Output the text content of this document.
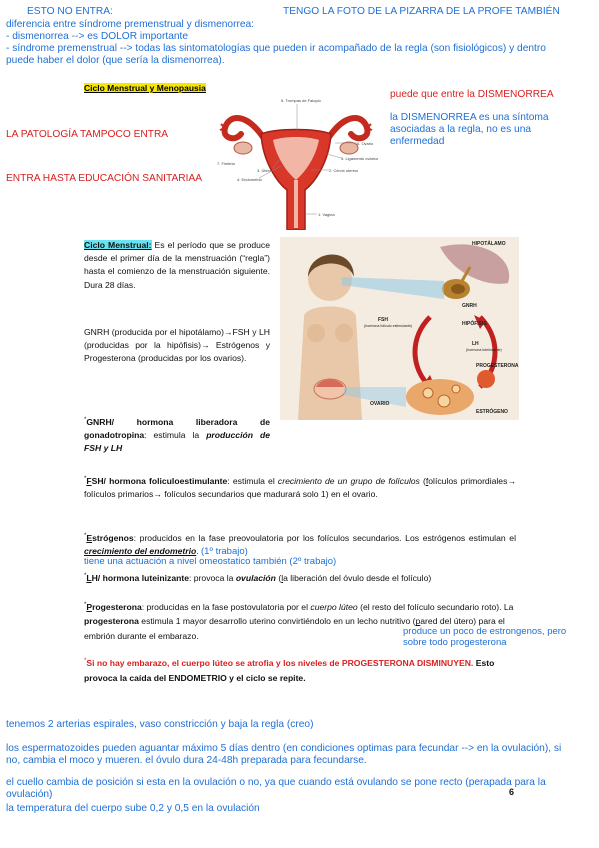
ESTO NO ENTRA:	TENGO LA FOTO DE LA PIZARRA DE LA PROFE TAMBIÉN
diferencia entre síndrome premenstrual y dismenorrea:
- dismenorrea --> es DOLOR importante
- síndrome premenstrual --> todas las sintomatologías que pueden ir acompañado de la regla (son fisiológicos) y dentro
puede haber el dolor (que sería la dismenorrea).
Ciclo Menstrual y Menopausia
puede que entre la DISMENORREA
la DISMENORREA es una síntoma
asociadas a la regla, no es una
enfermedad
LA PATOLOGÍA TAMPOCO ENTRA
ENTRA HASTA EDUCACIÓN SANITARIAA
5. Trompas de Falopio
6. Ovario
5. Ligamento ovárico
2. Cérvix uterino
7. Fimbria
3. Útero
4. Endometrio
1. Vagina
HIPOTÁLAMO
GNRH
HIPÓFISIS
FSH
(hormona foliculo estimulante)
LH
(hormona luteinizante)
PROGESTERONA
OVARIO
ESTRÓGENO
Ciclo Menstrual: Es el período que se produce desde el primer día de la menstruación (“regla”) hasta el comienzo de la menstruación siguiente. Dura 28 días.
GNRH (producida por el hipotálamo)→FSH y LH (producidas por la hipófisis)→ Estrógenos y Progesterona (producidas por los ovarios).
*GNRH/ hormona liberadora de gonadotropina: estimula la producción de FSH y LH
*FSH/ hormona foliculoestimulante: estimula el crecimiento de un grupo de folículos (folículos primordiales→ folículos primarios→ folículos secundarios que madurará solo 1) en el ovario.
*Estrógenos: producidos en la fase preovoulatoria por los folículos secundarios. Los estrógenos estimulan el crecimiento del endometrio. (1º trabajo)
tiene una actuación a nivel omeostatico también (2º trabajo)
*LH/ hormona luteinizante: provoca la ovulación (la liberación del óvulo desde el folículo)
*Progesterona: producidas en la fase postovulatoria por el cuerpo lúteo (el resto del folículo secundario roto). La progesterona estimula 1 mayor desarrollo uterino convirtiéndolo en un lecho nutritivo (pared del útero) para el embrión durante el embarazo.	produce un poco de estrongenos, pero
sobre todo progesterona
*Si no hay embarazo, el cuerpo lúteo se atrofia y los niveles de PROGESTERONA DISMINUYEN. Esto provoca la caída del ENDOMETRIO y el ciclo se repite.
tenemos 2 arterias espirales, vaso constricción y baja la regla (creo)
los espermatozoides pueden aguantar máximo 5 días dentro (en condiciones optimas para fecundar --> en la ovulación), si
no, cambia el moco y mueren. el óvulo dura 24-48h preparada para fecundarse.
el cuello cambia de posición si esta en la ovulación o no, ya que cuando está ovulando se pone recto (perapada para la
ovulación)
la temperatura del cuerpo sube 0,2 y 0,5 en la ovulación
6
